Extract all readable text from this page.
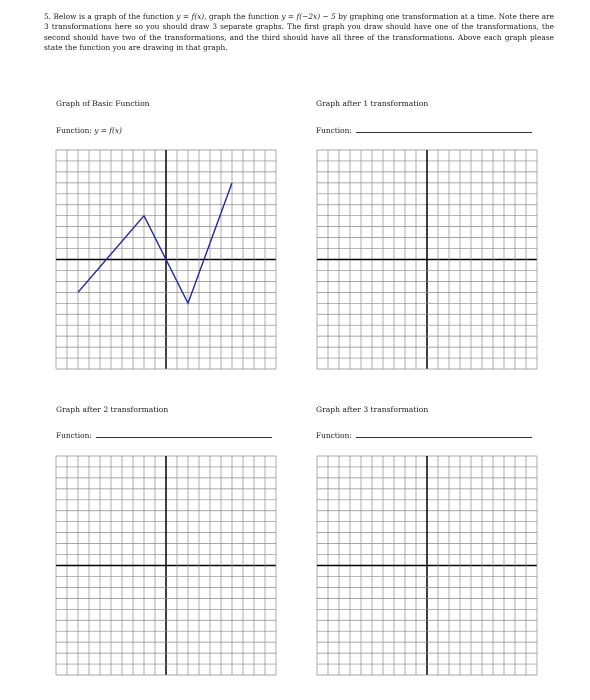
5. Below is a graph of the function y = f(x), graph the function y = f(−2x) − 5 by graphing one transformation at a time. Note there are 3 transformations here so you should draw 3 separate graphs. The first graph you draw should have one of the transformations, the second should have two of the transformations, and the third should have all three of the transformations. Above each graph please state the function you are drawing in that graph.
Graph of Basic Function
Function: y = f(x)
Graph after 1 transformation
Function:
Graph after 2 transformation
Function:
Graph after 3 transformation
Function:
